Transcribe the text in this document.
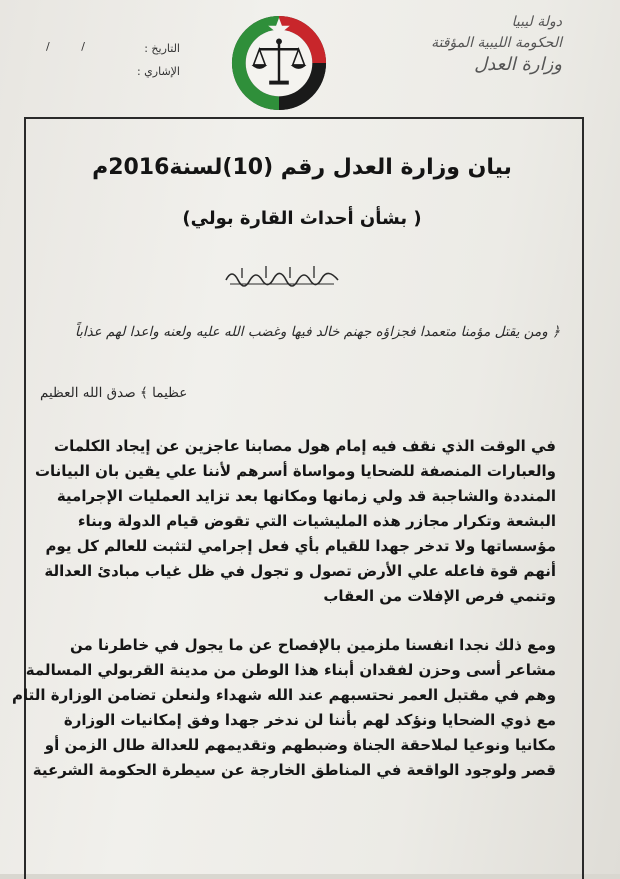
التاريخ :
الإشاري :
/ /
دولة ليبيا
الحكومة الليبية المؤقتة
وزارة العدل
بيان وزارة العدل رقم (10)لسنة2016م
( بشأن أحداث القارة بولي)
﴿ ومن يقتل مؤمنا متعمدا فجزاؤه جهنم خالد فيها وغضب الله عليه ولعنه واعدا لهم عذاباً
عظيما ﴾ صدق الله العظيم
في الوقت الذي نقف فيه إمام هول مصابنا عاجزين عن إيجاد الكلمات
والعبارات المنصفة للضحايا ومواساة أسرهم لأننا علي يقين بان البيانات
المنددة والشاجبة قد ولي زمانها ومكانها بعد تزايد العمليات الإجرامية
البشعة وتكرار مجازر هذه المليشيات التي تقوض قيام الدولة وبناء
مؤسساتها ولا تدخر جهدا للقيام بأي فعل إجرامي لتثبت للعالم كل يوم
أنهم قوة فاعله علي الأرض تصول و تجول في ظل غياب مبادئ العدالة
وتنمي فرص الإفلات من العقاب
ومع ذلك نجدا انفسنا ملزمين بالإفصاح عن ما يجول في خاطرنا من
مشاعر أسى وحزن لفقدان أبناء هذا الوطن من مدينة القربولي المسالمة
وهم في مقتبل العمر نحتسبهم عند الله شهداء ولنعلن تضامن الوزارة التام
مع ذوي الضحايا ونؤكد لهم بأننا لن ندخر جهدا وفق إمكانيات الوزارة
مكانيا ونوعيا لملاحقة الجناة وضبطهم وتقديمهم للعدالة طال الزمن أو
قصر ولوجود الواقعة في المناطق الخارجة عن سيطرة الحكومة الشرعية
